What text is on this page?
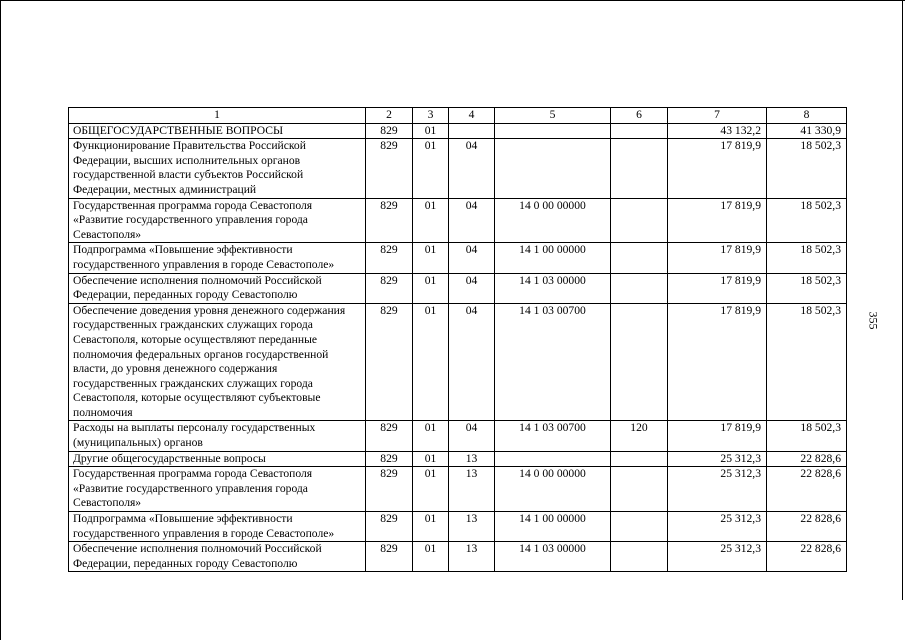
1	2	3	4	5	6	7	8
ОБЩЕГОСУДАРСТВЕННЫЕ ВОПРОСЫ	829	01				43 132,2	41 330,9
Функционирование Правительства Российской Федерации, высших исполнительных органов государственной власти субъектов Российской Федерации, местных администраций	829	01	04			17 819,9	18 502,3
Государственная программа города Севастополя «Развитие государственного управления города Севастополя»	829	01	04	14 0 00 00000		17 819,9	18 502,3
Подпрограмма «Повышение эффективности государственного управления в городе Севастополе»	829	01	04	14 1 00 00000		17 819,9	18 502,3
Обеспечение исполнения полномочий Российской Федерации, переданных городу Севастополю	829	01	04	14 1 03 00000		17 819,9	18 502,3
Обеспечение доведения уровня денежного содержания государственных гражданских служащих города Севастополя, которые осуществляют переданные полномочия федеральных органов государственной власти, до уровня денежного содержания государственных гражданских служащих города Севастополя, которые осуществляют субъектовые полномочия	829	01	04	14 1 03 00700		17 819,9	18 502,3
Расходы на выплаты персоналу государственных (муниципальных) органов	829	01	04	14 1 03 00700	120	17 819,9	18 502,3
Другие общегосударственные вопросы	829	01	13			25 312,3	22 828,6
Государственная программа города Севастополя «Развитие государственного управления города Севастополя»	829	01	13	14 0 00 00000		25 312,3	22 828,6
Подпрограмма «Повышение эффективности государственного управления в городе Севастополе»	829	01	13	14 1 00 00000		25 312,3	22 828,6
Обеспечение исполнения полномочий Российской Федерации, переданных городу Севастополю	829	01	13	14 1 03 00000		25 312,3	22 828,6
355
